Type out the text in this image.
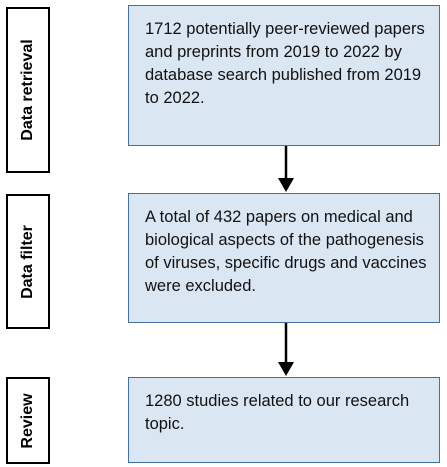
Data retrieval

1712 potentially peer-reviewed papers and preprints from 2019 to 2022 by database search published from 2019 to 2022.

Data filter

A total of 432 papers on medical and biological aspects of the pathogenesis of viruses, specific drugs and vaccines were excluded.

Review	1280 studies related to our research topic.
